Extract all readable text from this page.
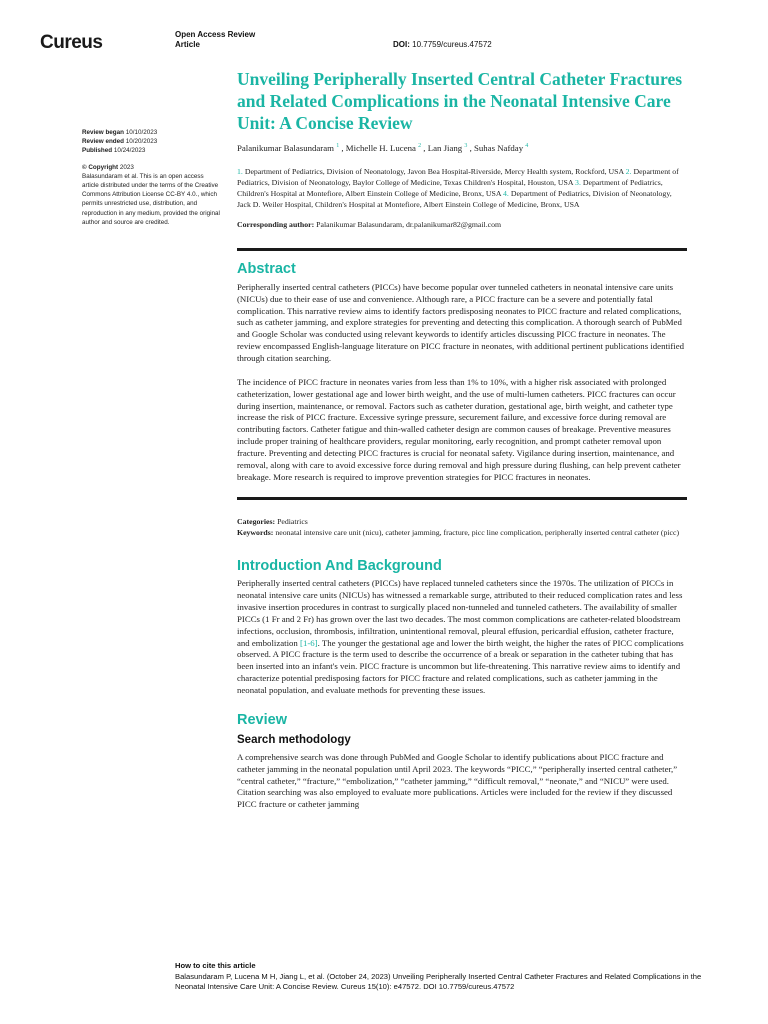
Cureus	Open Access Review
Article	DOI: 10.7759/cureus.47572
Review began 10/10/2023
Review ended 10/20/2023
Published 10/24/2023
© Copyright 2023
Balasundaram et al. This is an open access article distributed under the terms of the Creative Commons Attribution License CC-BY 4.0., which permits unrestricted use, distribution, and reproduction in any medium, provided the original author and source are credited.
Unveiling Peripherally Inserted Central Catheter Fractures and Related Complications in the Neonatal Intensive Care Unit: A Concise Review
Palanikumar Balasundaram $^1$ , Michelle H. Lucena $^2$ , Lan Jiang $^3$ , Suhas Nafday $^4$
1. Department of Pediatrics, Division of Neonatology, Javon Bea Hospital-Riverside, Mercy Health system, Rockford, USA 2. Department of Pediatrics, Division of Neonatology, Baylor College of Medicine, Texas Children's Hospital, Houston, USA 3. Department of Pediatrics, Children's Hospital at Montefiore, Albert Einstein College of Medicine, Bronx, USA 4. Department of Pediatrics, Division of Neonatology, Jack D. Weiler Hospital, Children's Hospital at Montefiore, Albert Einstein College of Medicine, Bronx, USA
Corresponding author: Palanikumar Balasundaram, dr.palanikumar82@gmail.com
Abstract

Peripherally inserted central catheters (PICCs) have become popular over tunneled catheters in neonatal intensive care units (NICUs) due to their ease of use and convenience. Although rare, a PICC fracture can be a severe and potentially fatal complication. This narrative review aims to identify factors predisposing neonates to PICC fracture and related complications, such as catheter jamming, and explore strategies for preventing and detecting this complication. A thorough search of PubMed and Google Scholar was conducted using relevant keywords to identify articles discussing PICC fracture in neonates. The review encompassed English-language literature on PICC fracture in neonates, with additional pertinent publications identified through citation searching.

The incidence of PICC fracture in neonates varies from less than 1% to 10%, with a higher risk associated with prolonged catheterization, lower gestational age and lower birth weight, and the use of multi-lumen catheters. PICC fractures can occur during insertion, maintenance, or removal. Factors such as catheter duration, gestational age, birth weight, and catheter type increase the risk of PICC fracture. Excessive syringe pressure, securement failure, and excessive force during removal are contributing factors. Catheter fatigue and thin-walled catheter design are common causes of breakage. Preventive measures include proper training of healthcare providers, regular monitoring, early recognition, and prompt catheter removal upon fracture. Preventing and detecting PICC fractures is crucial for neonatal safety. Vigilance during insertion, maintenance, and removal, along with care to avoid excessive force during removal and high pressure during flushing, can help prevent catheter breakage. More research is required to improve prevention strategies for PICC fractures in neonates.

Categories: Pediatrics
Keywords: neonatal intensive care unit (nicu), catheter jamming, fracture, picc line complication, peripherally inserted central catheter (picc)
Introduction And Background

Peripherally inserted central catheters (PICCs) have replaced tunneled catheters since the 1970s. The utilization of PICCs in neonatal intensive care units (NICUs) has witnessed a remarkable surge, attributed to their reduced complication rates and less invasive insertion procedures in contrast to surgically placed non-tunneled and tunneled catheters. The availability of smaller PICCs (1 Fr and 2 Fr) has grown over the last two decades. The most common complications are catheter-related bloodstream infections, occlusion, thrombosis, infiltration, unintentional removal, pleural effusion, pericardial effusion, catheter fracture, and embolization [1-6]. The younger the gestational age and lower the birth weight, the higher the rates of PICC complications observed. A PICC fracture is the term used to describe the occurrence of a break or separation in the catheter tubing that has been inserted into an infant's vein. PICC fracture is uncommon but life-threatening. This narrative review aims to identify and characterize potential predisposing factors for PICC fracture and related complications, such as catheter jamming in the neonatal population, and evaluate methods for preventing these issues.

Review
Search methodology

A comprehensive search was done through PubMed and Google Scholar to identify publications about PICC fracture and catheter jamming in the neonatal population until April 2023. The keywords “PICC,” “peripherally inserted central catheter,” “central catheter,” “fracture,” “embolization,” “catheter jamming,” “difficult removal,” “neonate,” and “NICU” were used. Citation searching was also employed to evaluate more publications. Articles were included for the review if they discussed PICC fracture or catheter jamming

How to cite this article
Balasundaram P, Lucena M H, Jiang L, et al. (October 24, 2023) Unveiling Peripherally Inserted Central Catheter Fractures and Related Complications in the Neonatal Intensive Care Unit: A Concise Review. Cureus 15(10): e47572. DOI 10.7759/cureus.47572
